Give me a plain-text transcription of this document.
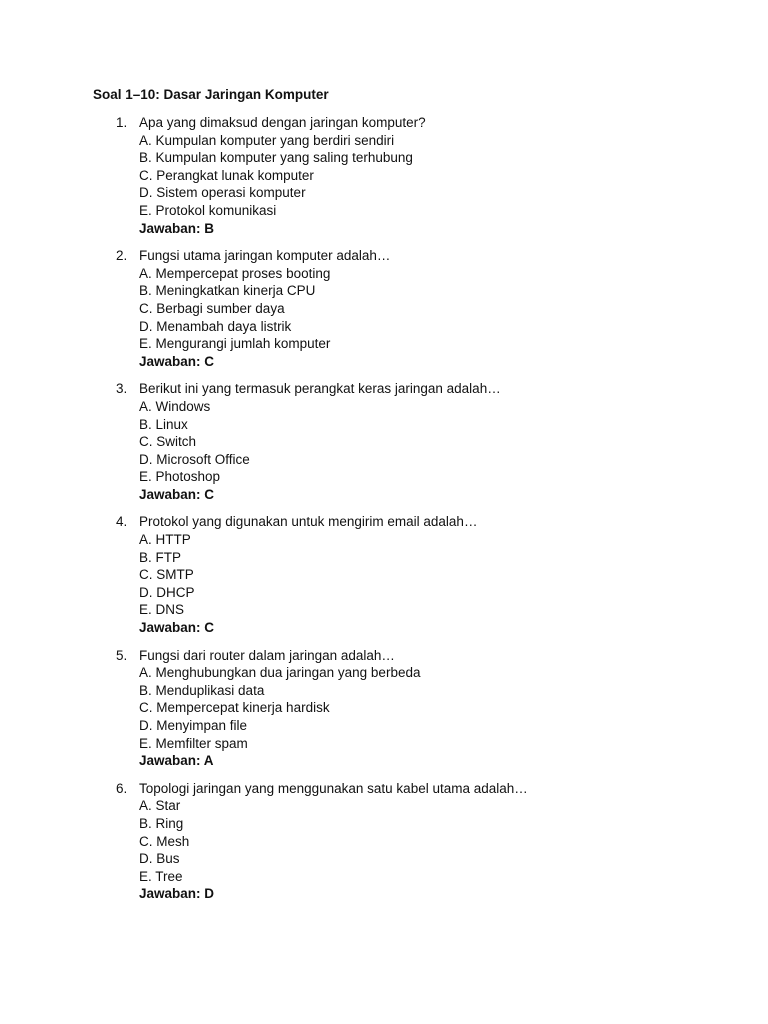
Soal 1–10: Dasar Jaringan Komputer
1. Apa yang dimaksud dengan jaringan komputer?
A. Kumpulan komputer yang berdiri sendiri
B. Kumpulan komputer yang saling terhubung
C. Perangkat lunak komputer
D. Sistem operasi komputer
E. Protokol komunikasi
Jawaban: B
2. Fungsi utama jaringan komputer adalah…
A. Mempercepat proses booting
B. Meningkatkan kinerja CPU
C. Berbagi sumber daya
D. Menambah daya listrik
E. Mengurangi jumlah komputer
Jawaban: C
3. Berikut ini yang termasuk perangkat keras jaringan adalah…
A. Windows
B. Linux
C. Switch
D. Microsoft Office
E. Photoshop
Jawaban: C
4. Protokol yang digunakan untuk mengirim email adalah…
A. HTTP
B. FTP
C. SMTP
D. DHCP
E. DNS
Jawaban: C
5. Fungsi dari router dalam jaringan adalah…
A. Menghubungkan dua jaringan yang berbeda
B. Menduplikasi data
C. Mempercepat kinerja hardisk
D. Menyimpan file
E. Memfilter spam
Jawaban: A
6. Topologi jaringan yang menggunakan satu kabel utama adalah…
A. Star
B. Ring
C. Mesh
D. Bus
E. Tree
Jawaban: D
